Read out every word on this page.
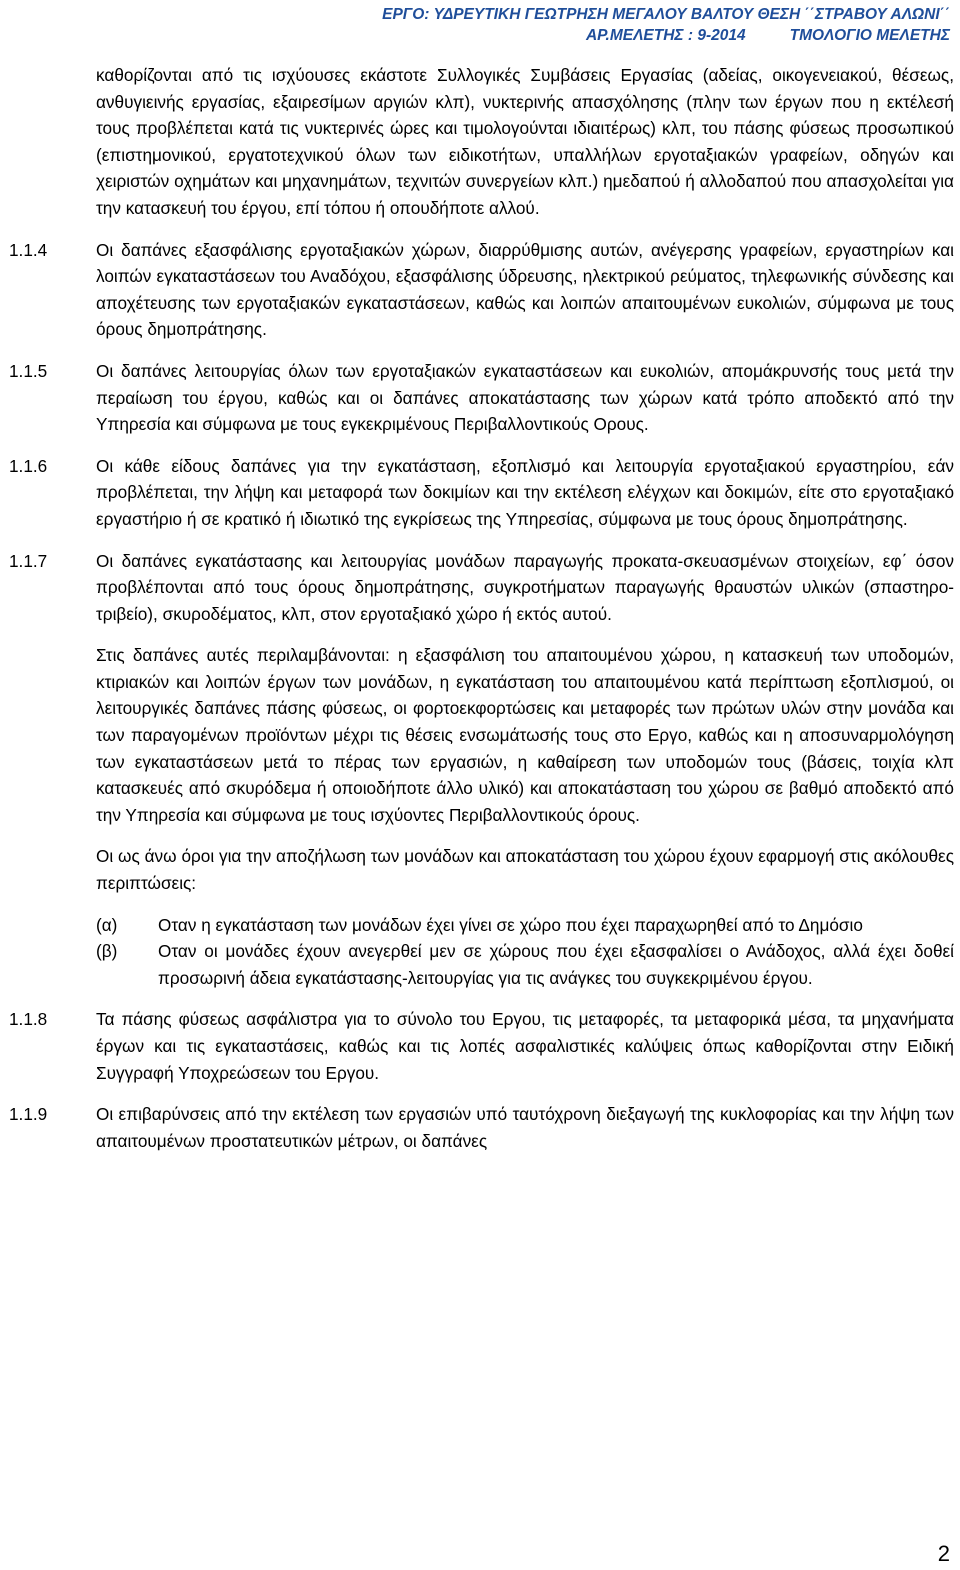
ΕΡΓΟ: ΥΔΡΕΥΤΙΚΗ ΓΕΩΤΡΗΣΗ ΜΕΓΑΛΟΥ ΒΑΛΤΟΥ ΘΕΣΗ ΄΄ΣΤΡΑΒΟΥ ΑΛΩΝΙ΄΄
ΑΡ.ΜΕΛΕΤΗΣ : 9-2014	ΤΜΟΛΟΓΙΟ ΜΕΛΕΤΗΣ

καθορίζονται από τις ισχύουσες εκάστοτε Συλλογικές Συμβάσεις Εργασίας (αδείας, οικογενειακού, θέσεως, ανθυγιεινής εργασίας, εξαιρεσίμων αργιών κλπ), νυκτερινής απασχόλησης (πλην των έργων που η εκτέλεσή τους προβλέπεται κατά τις νυκτερινές ώρες και τιμολογούνται ιδιαιτέρως) κλπ, του πάσης φύσεως προσωπικού (επιστημονικού, εργατοτεχνικού όλων των ειδικοτήτων, υπαλλήλων εργοταξιακών γραφείων, οδηγών και χειριστών οχημάτων και μηχανημάτων, τεχνιτών συνεργείων κλπ.) ημεδαπού ή αλλοδαπού που απασχολείται για την κατασκευή του έργου, επί τόπου ή οπουδήποτε αλλού.

1.1.4	Οι δαπάνες εξασφάλισης εργοταξιακών χώρων, διαρρύθμισης αυτών, ανέγερσης γραφείων, εργαστηρίων και λοιπών εγκαταστάσεων του Αναδόχου, εξασφάλισης ύδρευσης, ηλεκτρικού ρεύματος, τηλεφωνικής σύνδεσης και αποχέτευσης των εργοταξιακών εγκαταστάσεων, καθώς και λοιπών απαιτουμένων ευκολιών, σύμφωνα με τους όρους δημοπράτησης.
1.1.5	Οι δαπάνες λειτουργίας όλων των εργοταξιακών εγκαταστάσεων και ευκολιών, απομάκρυνσής τους μετά την περαίωση του έργου, καθώς και οι δαπάνες αποκατάστασης των χώρων κατά τρόπο αποδεκτό από την Υπηρεσία και σύμφωνα με τους εγκεκριμένους Περιβαλλοντικούς Ορους.
1.1.6	Οι κάθε είδους δαπάνες για την εγκατάσταση, εξοπλισμό και λειτουργία εργοταξιακού εργαστηρίου, εάν προβλέπεται, την λήψη και μεταφορά των δοκιμίων και την εκτέλεση ελέγχων και δοκιμών, είτε στο εργοταξιακό εργαστήριο ή σε κρατικό ή ιδιωτικό της εγκρίσεως της Υπηρεσίας, σύμφωνα με τους όρους δημοπράτησης.
1.1.7	Οι δαπάνες εγκατάστασης και λειτουργίας μονάδων παραγωγής προκατα-σκευασμένων στοιχείων, εφ΄ όσον προβλέπονται από τους όρους δημοπράτησης, συγκροτήματων παραγωγής θραυστών υλικών (σπαστηρο-τριβείο), σκυροδέματος, κλπ, στον εργοταξιακό χώρο ή εκτός αυτού.
Στις δαπάνες αυτές περιλαμβάνονται: η εξασφάλιση του απαιτουμένου χώρου, η κατασκευή των υποδομών, κτιριακών και λοιπών έργων των μονάδων, η εγκατάσταση του απαιτουμένου κατά περίπτωση εξοπλισμού, οι λειτουργικές δαπάνες πάσης φύσεως, οι φορτοεκφορτώσεις και μεταφορές των πρώτων υλών στην μονάδα και των παραγομένων προϊόντων μέχρι τις θέσεις ενσωμάτωσής τους στο Εργο, καθώς και η αποσυναρμολόγηση των εγκαταστάσεων μετά το πέρας των εργασιών, η καθαίρεση των υποδομών τους (βάσεις, τοιχία κλπ κατασκευές από σκυρόδεμα ή οποιοδήποτε άλλο υλικό) και αποκατάσταση του χώρου σε βαθμό αποδεκτό από την Υπηρεσία και σύμφωνα με τους ισχύοντες Περιβαλλοντικούς όρους.
Οι ως άνω όροι για την αποζήλωση των μονάδων και αποκατάσταση του χώρου έχουν εφαρμογή στις ακόλουθες περιπτώσεις:
(α) Οταν η εγκατάσταση των μονάδων έχει γίνει σε χώρο που έχει παραχωρηθεί από το Δημόσιο
(β) Οταν οι μονάδες έχουν ανεγερθεί μεν σε χώρους που έχει εξασφαλίσει ο Ανάδοχος, αλλά έχει δοθεί προσωρινή άδεια εγκατάστασης-λειτουργίας για τις ανάγκες του συγκεκριμένου έργου.
1.1.8	Τα πάσης φύσεως ασφάλιστρα για το σύνολο του Εργου, τις μεταφορές, τα μεταφορικά μέσα, τα μηχανήματα έργων και τις εγκαταστάσεις, καθώς και τις λοπές ασφαλιστικές καλύψεις όπως καθορίζονται στην Ειδική Συγγραφή Υποχρεώσεων του Εργου.
1.1.9	Οι επιβαρύνσεις από την εκτέλεση των εργασιών υπό ταυτόχρονη διεξαγωγή της κυκλοφορίας και την λήψη των απαιτουμένων προστατευτικών μέτρων, οι δαπάνες
2
